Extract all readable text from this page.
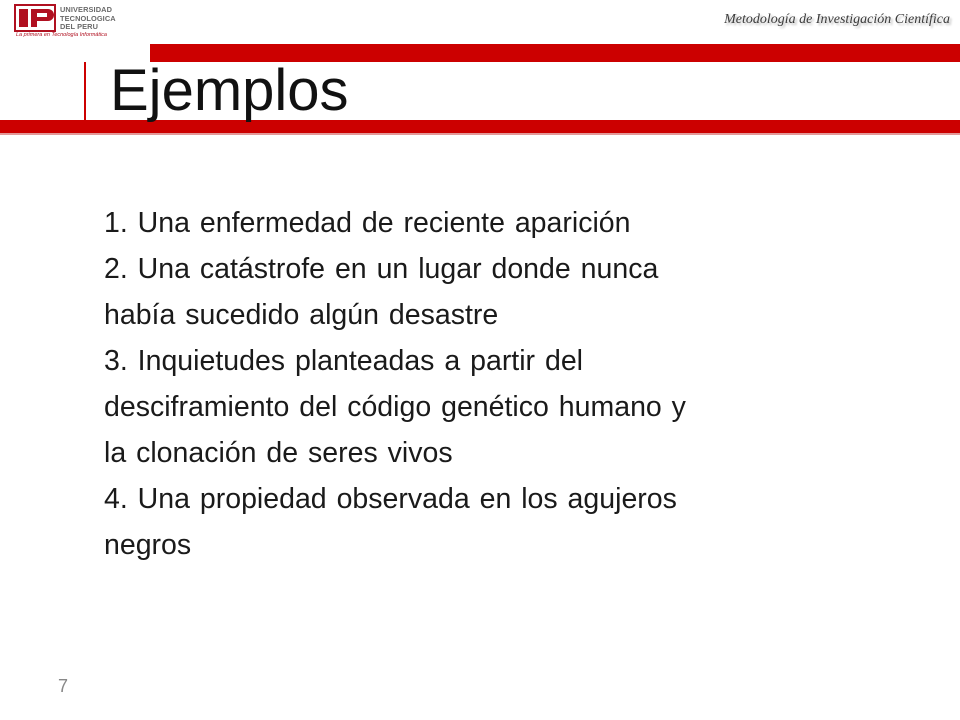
UNIVERSIDAD
TECNOLOGICA
DEL PERU
La primera en Tecnología Informática
Metodología de Investigación Científica
Ejemplos
1. Una enfermedad de reciente aparición
2. Una catástrofe en un lugar donde nunca
había sucedido algún desastre
3. Inquietudes planteadas a partir del
desciframiento del código genético humano y
la clonación de seres vivos
4. Una propiedad observada en los agujeros
negros
7
